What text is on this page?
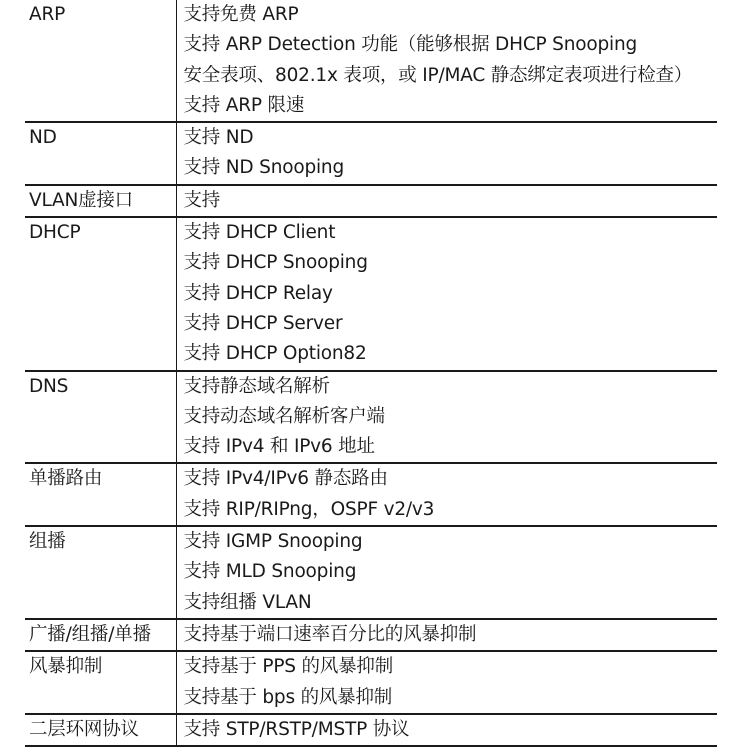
ARP	支持免费 ARP
支持 ARP Detection 功能（能够根据 DHCP Snooping
安全表项、802.1x 表项，或 IP/MAC 静态绑定表项进行检查）
支持 ARP 限速

ND	支持 ND
支持 ND Snooping

VLAN虚接口	支持

DHCP	支持 DHCP Client
支持 DHCP Snooping
支持 DHCP Relay
支持 DHCP Server
支持 DHCP Option82

DNS	支持静态域名解析
支持动态域名解析客户端
支持 IPv4 和 IPv6 地址

单播路由	支持 IPv4/IPv6 静态路由
支持 RIP/RIPng，OSPF v2/v3

组播	支持 IGMP Snooping
支持 MLD Snooping
支持组播 VLAN

广播/组播/单播	支持基于端口速率百分比的风暴抑制

风暴抑制	支持基于 PPS 的风暴抑制
支持基于 bps 的风暴抑制

二层环网协议	支持 STP/RSTP/MSTP 协议
